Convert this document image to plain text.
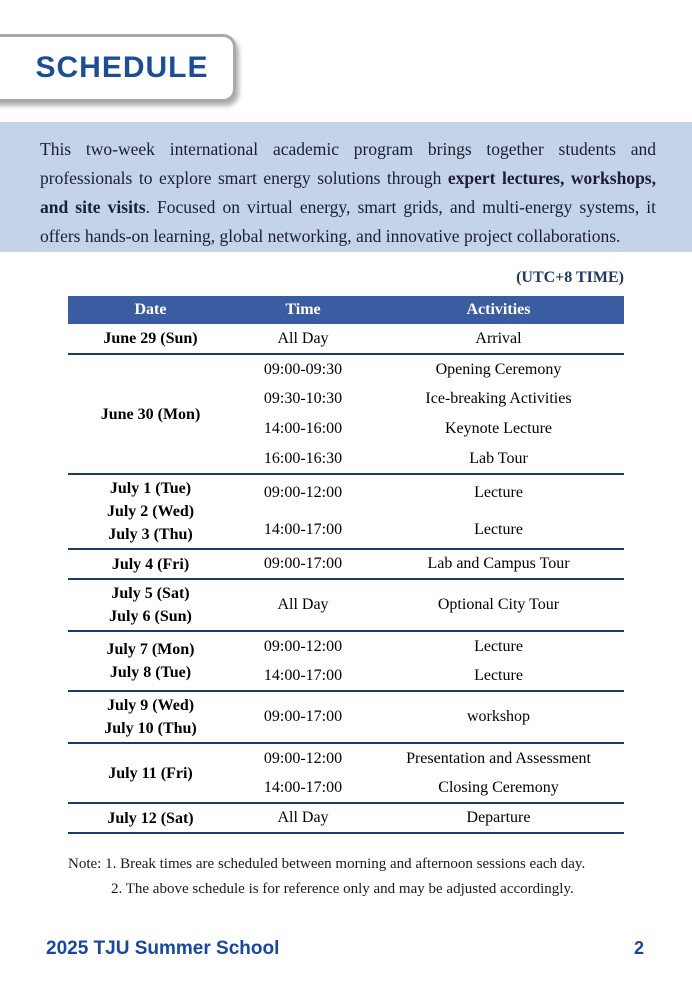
SCHEDULE

This two-week international academic program brings together students and professionals to explore smart energy solutions through expert lectures, workshops, and site visits. Focused on virtual energy, smart grids, and multi-energy systems, it offers hands-on learning, global networking, and innovative project collaborations.

(UTC+8 TIME)
Date	Time	Activities

June 29 (Sun)	All Day	Arrival

June 30 (Mon)	09:00-09:30	Opening Ceremony
	09:30-10:30	Ice-breaking Activities
	14:00-16:00	Keynote Lecture
	16:00-16:30	Lab Tour

July 1 (Tue)
July 2 (Wed)
July 3 (Thu)	09:00-12:00	Lecture
	14:00-17:00	Lecture

July 4 (Fri)	09:00-17:00	Lab and Campus Tour

July 5 (Sat)
July 6 (Sun)	All Day	Optional City Tour

July 7 (Mon)
July 8 (Tue)	09:00-12:00	Lecture
	14:00-17:00	Lecture

July 9 (Wed)
July 10 (Thu)	09:00-17:00	workshop

July 11 (Fri)	09:00-12:00	Presentation and Assessment
	14:00-17:00	Closing Ceremony

July 12 (Sat)	All Day	Departure
Note: 1. Break times are scheduled between morning and afternoon sessions each day.
2. The above schedule is for reference only and may be adjusted accordingly.
2025 TJU Summer School	2
